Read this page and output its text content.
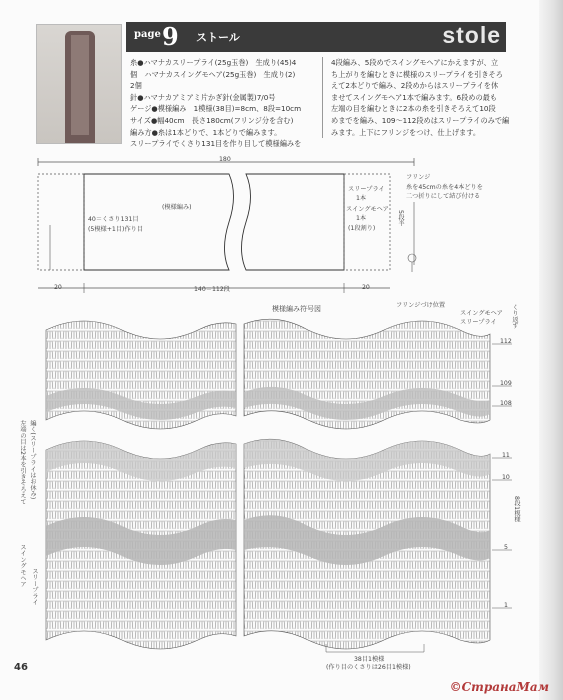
page 9 ストール	stole

糸●ハマナカスリープライ(25g玉巻)　生成り(45)4

個　ハマナカスイングモヘア(25g玉巻)　生成り(2)

2個

針●ハマナカアミアミ片かぎ針(金属製)7/0号

ゲージ●模様編み　1模様(38目)=8cm、8段=10cm

サイズ●幅40cm　長さ180cm(フリンジ分を含む)

編み方●糸は1本どりで、1本どりで編みます。

スリープライでくさり131目を作り目して模様編みを

4段編み、5段めでスイングモヘアにかえますが、立

ち上がりを編むときに模様のスリープライを引きそろ

えて2本どりで編み、2段めからはスリープライを休

ませてスイングモヘア1本で編みます。6段めの最も

左端の目を編むときに2本の糸を引きそろえて10段

めまでを編み、109～112段めはスリープライのみで編

みます。上下にフリンジをつけ、仕上げます。

180
(模様編み)
40＝くさり131目
(5模様+1目)作り目
スリープライ
1本
スイングモヘア
1本
(1段割り)
5段半
フリンジ
糸を45cmの糸を4本どりを
二つ折りにして結び付ける
20	140＝112段	20
模様編み符号図	フリンジづけ位置
スイングモヘア
スリープライ くり返す
112
109
108
11
10
5
1
8段1模様
左端の目は2本を引きそろえて 編く(スリープライはお休み)
スイングモヘア スリープライ
38目1模様
(作り目のくさりは26目1模様)
46
©СтранаМам
